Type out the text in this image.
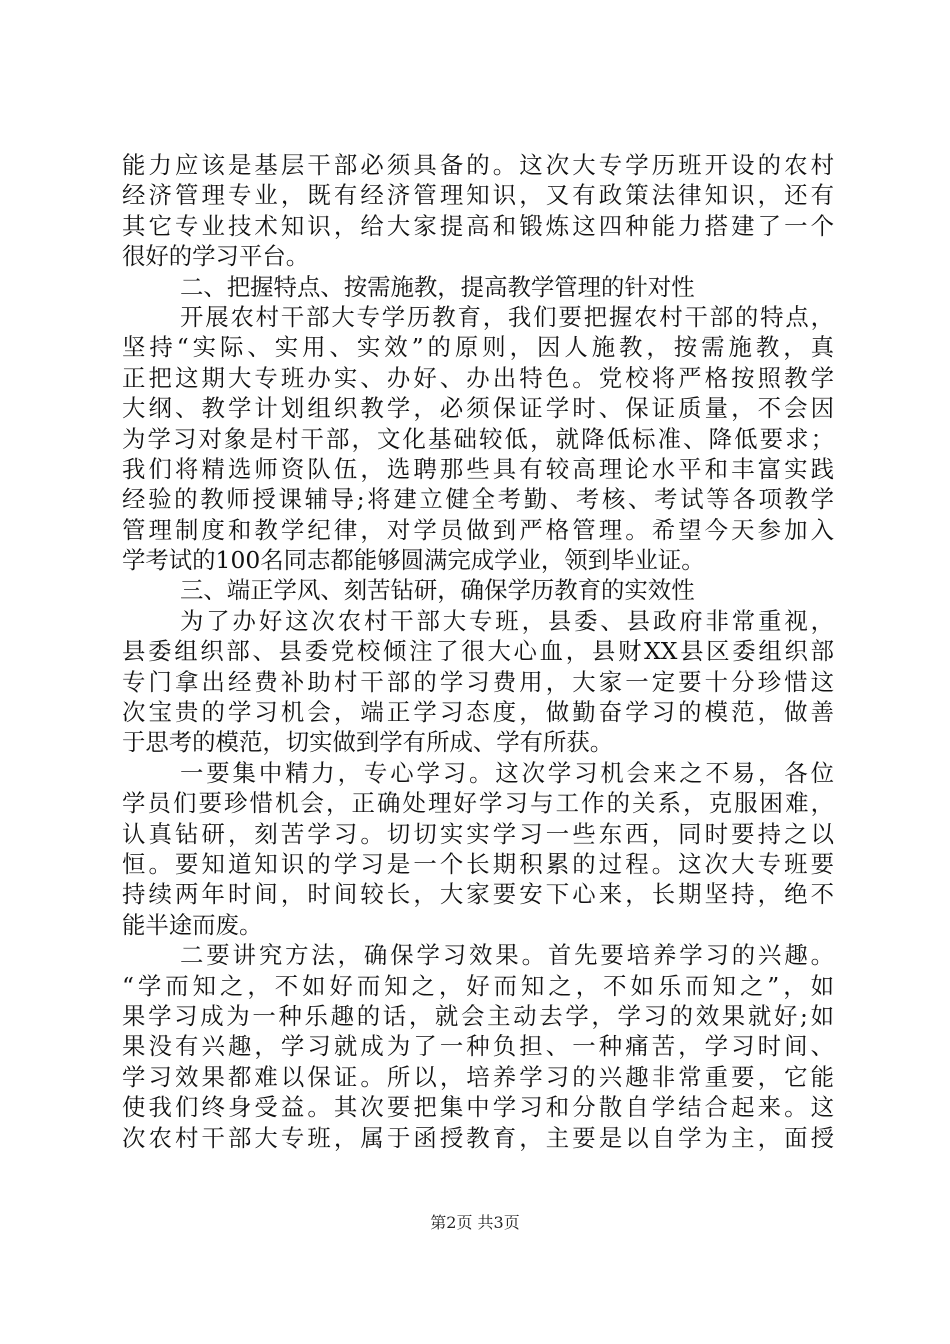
能力应该是基层干部必须具备的。这次大专学历班开设的农村
经济管理专业，既有经济管理知识，又有政策法律知识，还有
其它专业技术知识，给大家提高和锻炼这四种能力搭建了一个
很好的学习平台。
二、把握特点、按需施教，提高教学管理的针对性
开展农村干部大专学历教育，我们要把握农村干部的特点，
坚持“实际、实用、实效”的原则，因人施教，按需施教，真
正把这期大专班办实、办好、办出特色。党校将严格按照教学
大纲、教学计划组织教学，必须保证学时、保证质量，不会因
为学习对象是村干部，文化基础较低，就降低标准、降低要求；
我们将精选师资队伍，选聘那些具有较高理论水平和丰富实践
经验的教师授课辅导;将建立健全考勤、考核、考试等各项教学
管理制度和教学纪律，对学员做到严格管理。希望今天参加入
学考试的100名同志都能够圆满完成学业，领到毕业证。
三、端正学风、刻苦钻研，确保学历教育的实效性
为了办好这次农村干部大专班，县委、县政府非常重视，
县委组织部、县委党校倾注了很大心血，县财XX县区委组织部
专门拿出经费补助村干部的学习费用，大家一定要十分珍惜这
次宝贵的学习机会，端正学习态度，做勤奋学习的模范，做善
于思考的模范，切实做到学有所成、学有所获。
一要集中精力，专心学习。这次学习机会来之不易，各位
学员们要珍惜机会，正确处理好学习与工作的关系，克服困难，
认真钻研，刻苦学习。切切实实学习一些东西，同时要持之以
恒。要知道知识的学习是一个长期积累的过程。这次大专班要
持续两年时间，时间较长，大家要安下心来，长期坚持，绝不
能半途而废。
二要讲究方法，确保学习效果。首先要培养学习的兴趣。
“学而知之，不如好而知之，好而知之，不如乐而知之”，如
果学习成为一种乐趣的话，就会主动去学，学习的效果就好;如
果没有兴趣，学习就成为了一种负担、一种痛苦，学习时间、
学习效果都难以保证。所以，培养学习的兴趣非常重要，它能
使我们终身受益。其次要把集中学习和分散自学结合起来。这
次农村干部大专班，属于函授教育，主要是以自学为主，面授
第2页 共3页
